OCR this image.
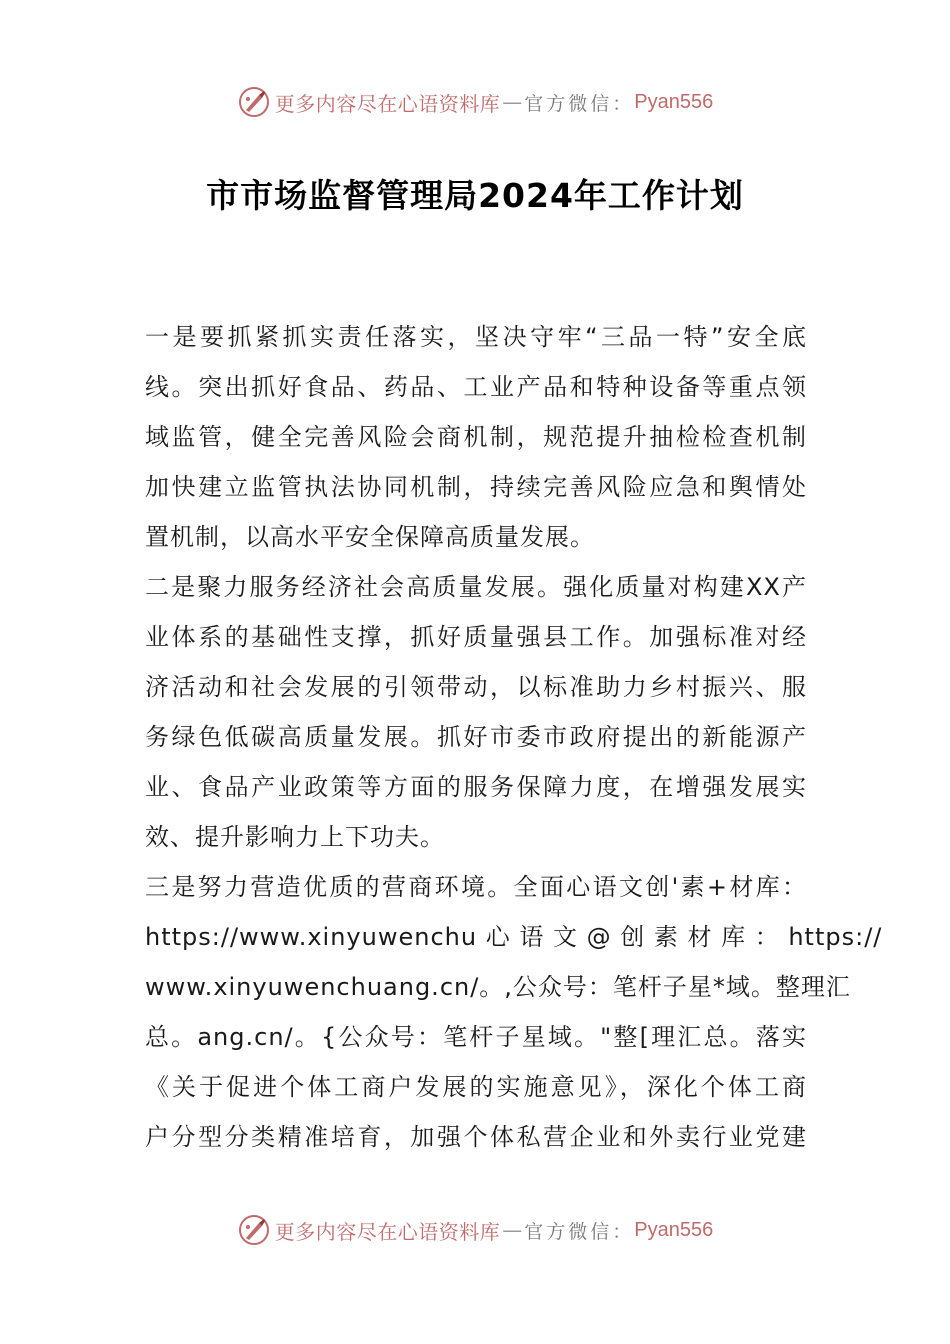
更多内容尽在心语资料库 — 官方微信： Pyan556
市市场监督管理局2024年工作计划
一是要抓紧抓实责任落实，坚决守牢“三品一特”安全底
线。突出抓好食品、药品、工业产品和特种设备等重点领
域监管，健全完善风险会商机制，规范提升抽检检查机制
加快建立监管执法协同机制，持续完善风险应急和舆情处
置机制，以高水平安全保障高质量发展。
二是聚力服务经济社会高质量发展。强化质量对构建XX产
业体系的基础性支撑，抓好质量强县工作。加强标准对经
济活动和社会发展的引领带动，以标准助力乡村振兴、服
务绿色低碳高质量发展。抓好市委市政府提出的新能源产
业、食品产业政策等方面的服务保障力度，在增强发展实
效、提升影响力上下功夫。
三是努力营造优质的营商环境。全面心语文创'素+材库：
https://www.xinyuwenchu 心 语 文 @ 创 素 材 库 ： https://
www.xinyuwenchuang.cn/。,公众号：笔杆子星*域。整理汇
总。ang.cn/。{公众号：笔杆子星域。"整[理汇总。落实
《关于促进个体工商户发展的实施意见》，深化个体工商
户分型分类精准培育，加强个体私营企业和外卖行业党建
更多内容尽在心语资料库 — 官方微信： Pyan556
